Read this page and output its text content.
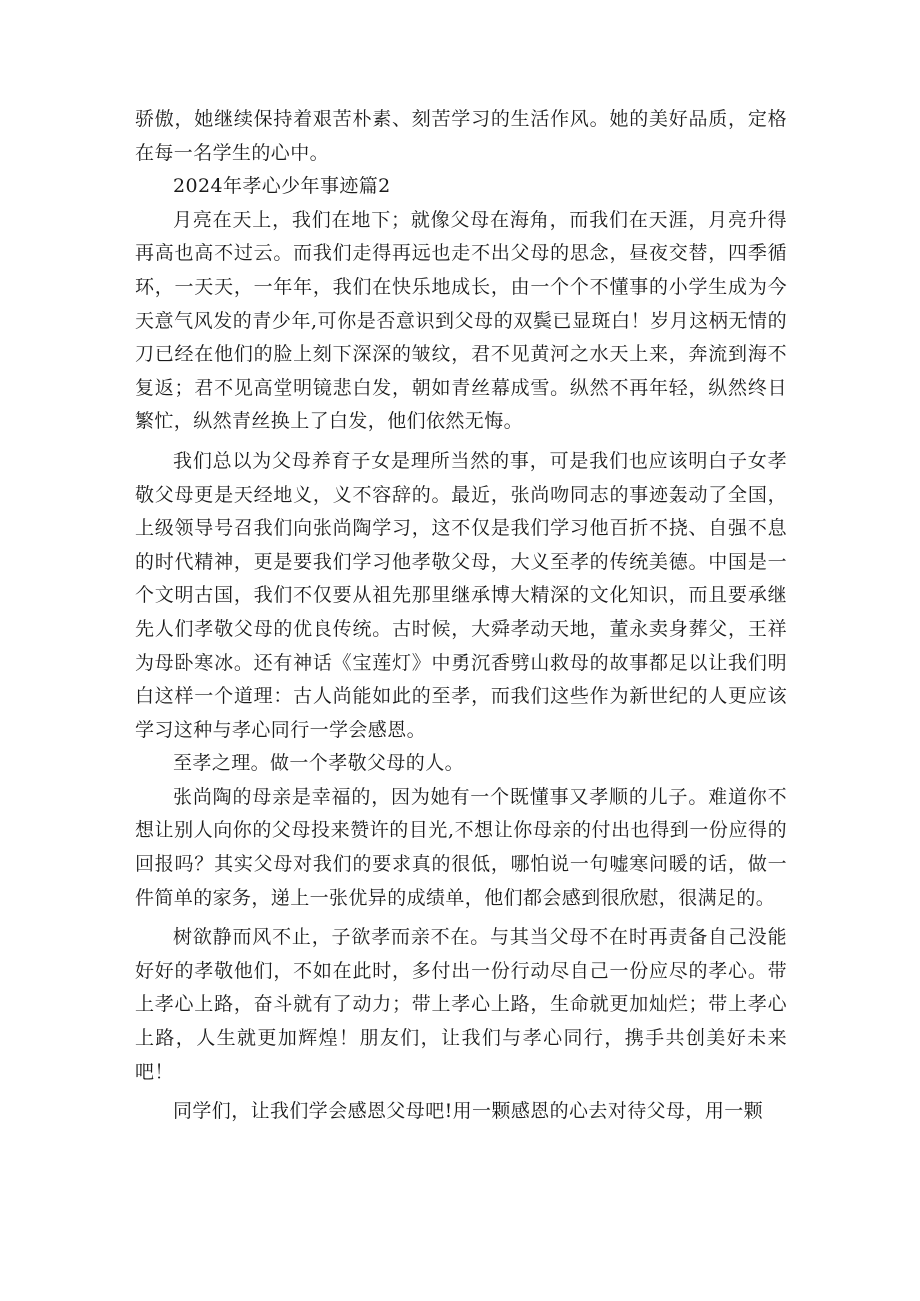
骄傲，她继续保持着艰苦朴素、刻苦学习的生活作风。她的美好品质，定格在每一名学生的心中。

2024年孝心少年事迹篇2

月亮在天上，我们在地下；就像父母在海角，而我们在天涯，月亮升得再高也高不过云。而我们走得再远也走不出父母的思念，昼夜交替，四季循环，一天天，一年年，我们在快乐地成长，由一个个不懂事的小学生成为今天意气风发的青少年,可你是否意识到父母的双鬓已显斑白！岁月这柄无情的刀已经在他们的脸上刻下深深的皱纹，君不见黄河之水天上来，奔流到海不复返；君不见高堂明镜悲白发，朝如青丝幕成雪。纵然不再年轻，纵然终日繁忙，纵然青丝换上了白发，他们依然无悔。

我们总以为父母养育子女是理所当然的事，可是我们也应该明白子女孝敬父母更是天经地义，义不容辞的。最近，张尚吻同志的事迹轰动了全国，上级领导号召我们向张尚陶学习，这不仅是我们学习他百折不挠、自强不息的时代精神，更是要我们学习他孝敬父母，大义至孝的传统美德。中国是一个文明古国，我们不仅要从祖先那里继承博大精深的文化知识，而且要承继先人们孝敬父母的优良传统。古时候，大舜孝动天地，董永卖身葬父，王祥为母卧寒冰。还有神话《宝莲灯》中勇沉香劈山救母的故事都足以让我们明白这样一个道理：古人尚能如此的至孝，而我们这些作为新世纪的人更应该学习这种与孝心同行一学会感恩。

至孝之理。做一个孝敬父母的人。

张尚陶的母亲是幸福的，因为她有一个既懂事又孝顺的儿子。难道你不想让别人向你的父母投来赞许的目光,不想让你母亲的付出也得到一份应得的回报吗？其实父母对我们的要求真的很低，哪怕说一句嘘寒问暖的话，做一件简单的家务，递上一张优异的成绩单，他们都会感到很欣慰，很满足的。

树欲静而风不止，子欲孝而亲不在。与其当父母不在时再责备自己没能好好的孝敬他们，不如在此时，多付出一份行动尽自己一份应尽的孝心。带上孝心上路，奋斗就有了动力；带上孝心上路，生命就更加灿烂；带上孝心上路，人生就更加辉煌！朋友们，让我们与孝心同行，携手共创美好未来吧！

同学们，让我们学会感恩父母吧!用一颗感恩的心去对待父母，用一颗
